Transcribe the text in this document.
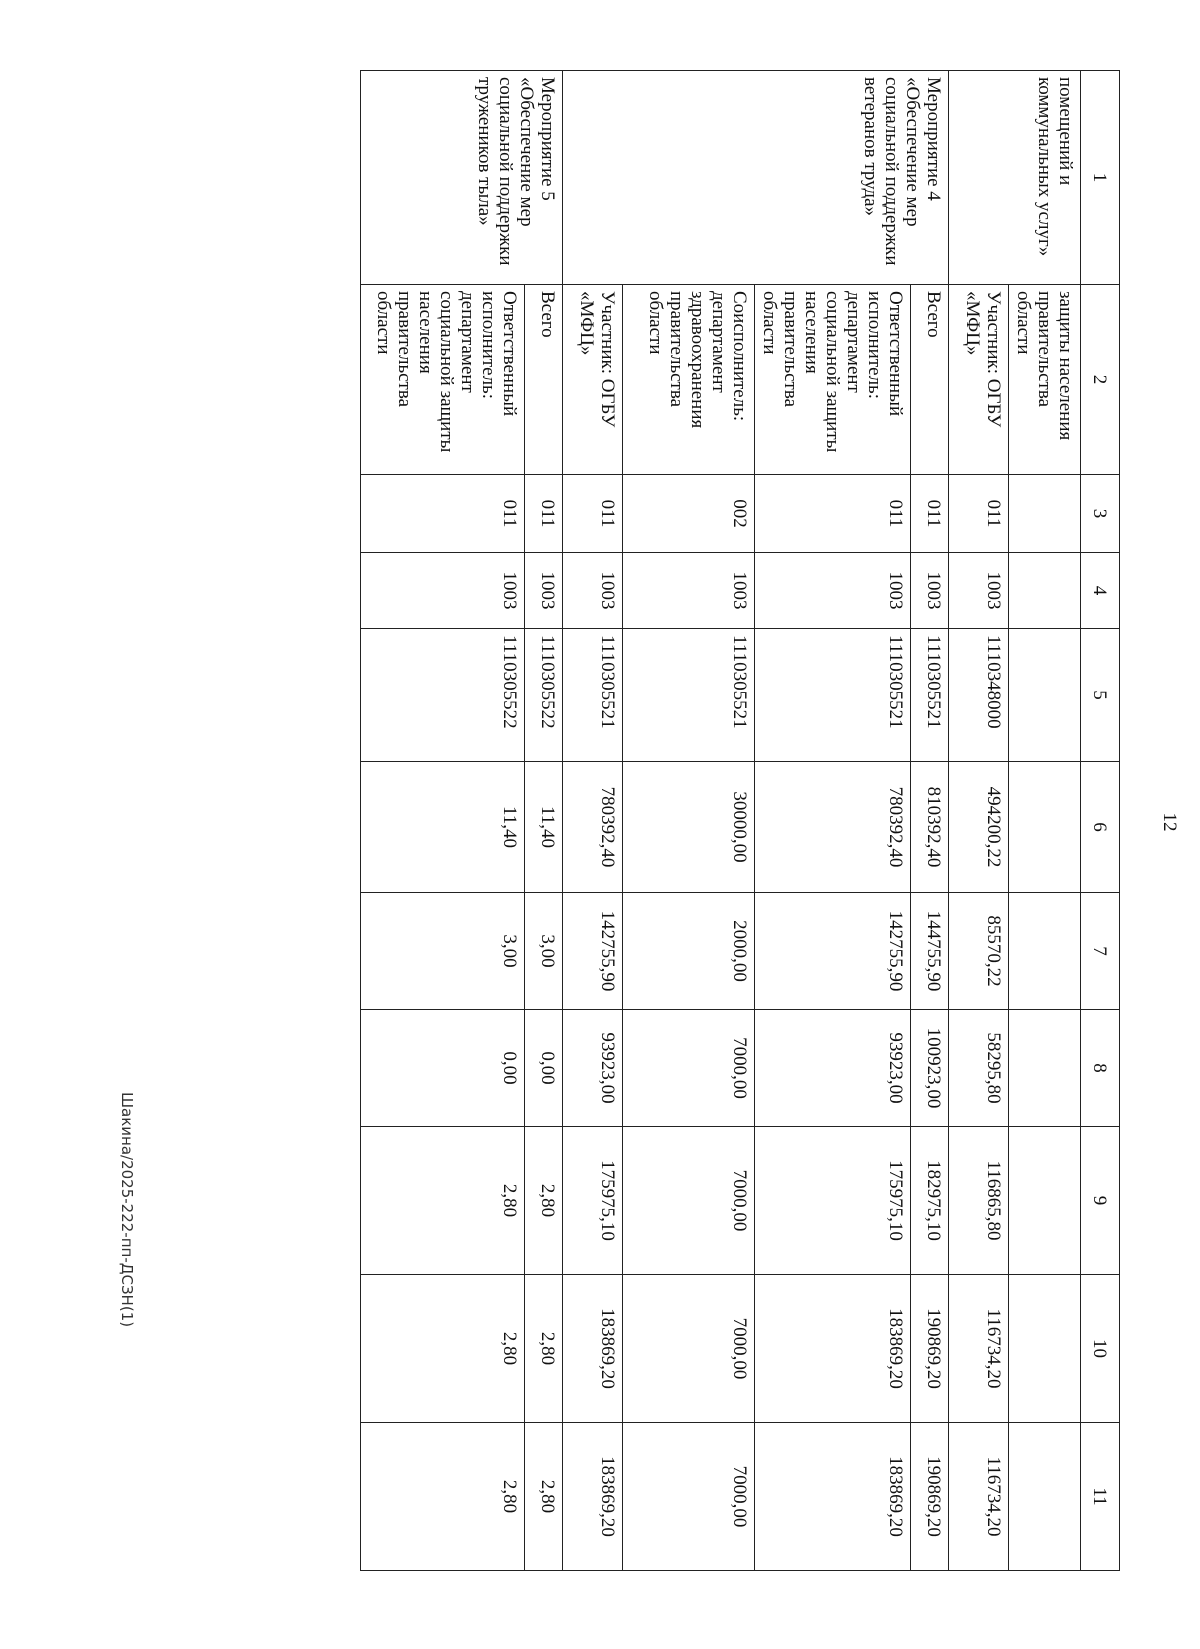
12
1	2	3	4	5	6	7	8	9	10	11
помещений и коммунальных услуг»	защиты населения правительства области									
	Участник: ОГБУ «МФЦ»	011	1003	1110348000	494200,22	85570,22	58295,80	116865,80	116734,20	116734,20
Мероприятие 4 «Обеспечение мер социальной поддержки ветеранов труда»	Всего	011	1003	1110305521	810392,40	144755,90	100923,00	182975,10	190869,20	190869,20
	Ответственный исполнитель: департамент социальной защиты населения правительства области	011	1003	1110305521	780392,40	142755,90	93923,00	175975,10	183869,20	183869,20
	Соисполнитель: департамент здравоохранения правительства области	002	1003	1110305521	30000,00	2000,00	7000,00	7000,00	7000,00	7000,00
	Участник: ОГБУ «МФЦ»	011	1003	1110305521	780392,40	142755,90	93923,00	175975,10	183869,20	183869,20
Мероприятие 5 «Обеспечение мер социальной поддержки тружеников тыла»	Всего	011	1003	1110305522	11,40	3,00	0,00	2,80	2,80	2,80
	Ответственный исполнитель: департамент социальной защиты населения правительства области	011	1003	1110305522	11,40	3,00	0,00	2,80	2,80	2,80
Шакина/2025-222-пп-ДСЗН(1)
